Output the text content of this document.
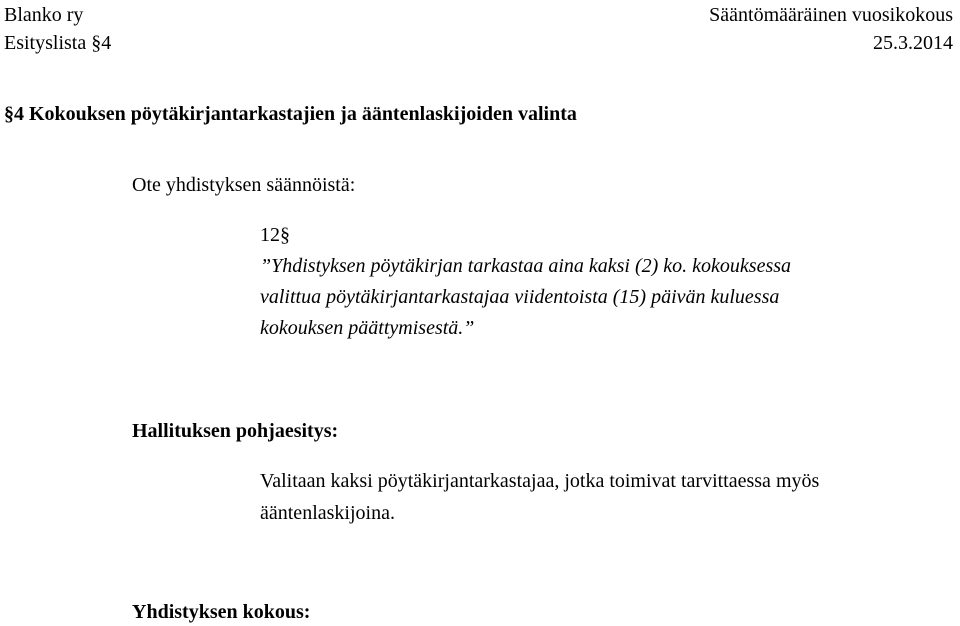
Blanko ry	Sääntömääräinen vuosikokous

Esityslista §4	25.3.2014

§4 Kokouksen pöytäkirjantarkastajien ja ääntenlaskijoiden valinta

Ote yhdistyksen säännöistä:

12§

”Yhdistyksen pöytäkirjan tarkastaa aina kaksi (2) ko. kokouksessa

valittua pöytäkirjantarkastajaa viidentoista (15) päivän kuluessa

kokouksen päättymisestä.”

Hallituksen pohjaesitys:

Valitaan kaksi pöytäkirjantarkastajaa, jotka toimivat tarvittaessa myös

ääntenlaskijoina.

Yhdistyksen kokous:
